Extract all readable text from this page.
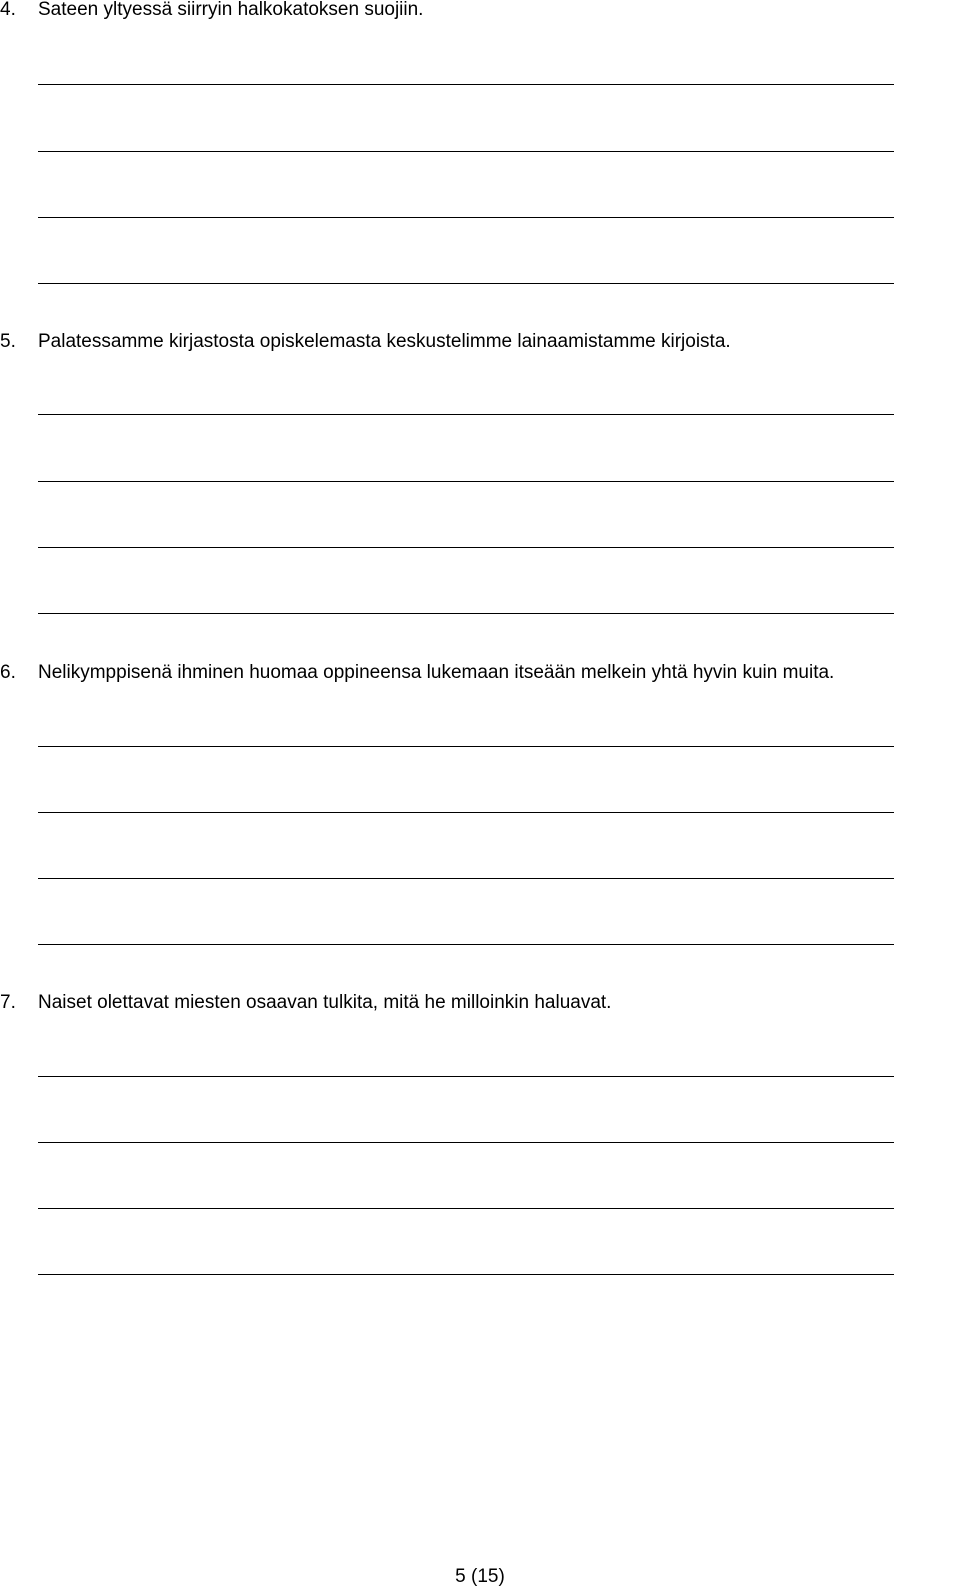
4. Sateen yltyessä siirryin halkokatoksen suojiin.
5. Palatessamme kirjastosta opiskelemasta keskustelimme lainaamistamme kirjoista.
6. Nelikymppisenä ihminen huomaa oppineensa lukemaan itseään melkein yhtä hyvin kuin muita.
7. Naiset olettavat miesten osaavan tulkita, mitä he milloinkin haluavat.
5 (15)
